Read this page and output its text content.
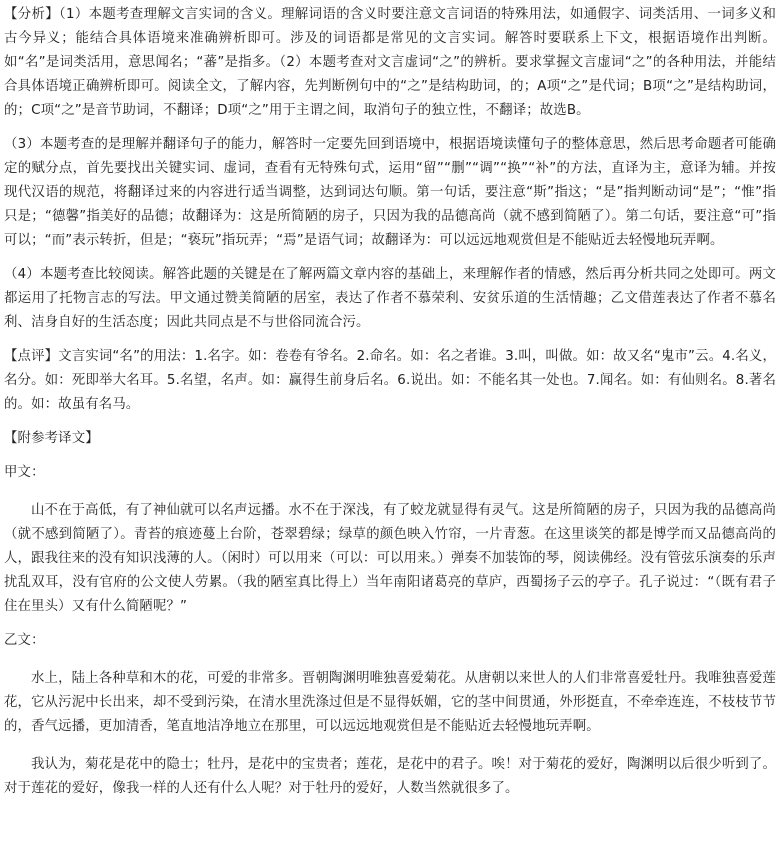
【分析】（1）本题考查理解文言实词的含义。理解词语的含义时要注意文言词语的特殊用法，如通假字、词类活用、一词多义和古今异义；能结合具体语境来准确辨析即可。涉及的词语都是常见的文言实词。解答时要联系上下文，根据语境作出判断。如“名”是词类活用，意思闻名；“蕃”是指多。（2）本题考查对文言虚词“之”的辨析。要求掌握文言虚词“之”的各种用法，并能结合具体语境正确辨析即可。阅读全文，了解内容，先判断例句中的“之”是结构助词，的；A项“之”是代词；B项“之”是结构助词，的；C项“之”是音节助词，不翻译；D项“之”用于主谓之间，取消句子的独立性，不翻译；故选B。

（3）本题考查的是理解并翻译句子的能力，解答时一定要先回到语境中，根据语境读懂句子的整体意思，然后思考命题者可能确定的赋分点，首先要找出关键实词、虚词，查看有无特殊句式，运用“留”“删”“调”“换”“补”的方法，直译为主，意译为辅。并按现代汉语的规范，将翻译过来的内容进行适当调整，达到词达句顺。第一句话，要注意“斯”指这；“是”指判断动词“是”；“惟”指只是；“德馨”指美好的品德；故翻译为：这是所简陋的房子，只因为我的品德高尚（就不感到简陋了）。第二句话，要注意“可”指可以；“而”表示转折，但是；“亵玩”指玩弄；“焉”是语气词；故翻译为：可以远远地观赏但是不能贴近去轻慢地玩弄啊。

（4）本题考查比较阅读。解答此题的关键是在了解两篇文章内容的基础上，来理解作者的情感，然后再分析共同之处即可。两文都运用了托物言志的写法。甲文通过赞美简陋的居室，表达了作者不慕荣利、安贫乐道的生活情趣；乙文借莲表达了作者不慕名利、洁身自好的生活态度；因此共同点是不与世俗同流合污。

【点评】文言实词“名”的用法：1.名字。如：卷卷有爷名。2.命名。如：名之者谁。3.叫，叫做。如：故又名“鬼市”云。4.名义，名分。如：死即举大名耳。5.名望，名声。如：赢得生前身后名。6.说出。如：不能名其一处也。7.闻名。如：有仙则名。8.著名的。如：故虽有名马。

【附参考译文】

甲文：

山不在于高低，有了神仙就可以名声远播。水不在于深浅，有了蛟龙就显得有灵气。这是所简陋的房子，只因为我的品德高尚（就不感到简陋了）。青苔的痕迹蔓上台阶，苍翠碧绿；绿草的颜色映入竹帘，一片青葱。在这里谈笑的都是博学而又品德高尚的人，跟我往来的没有知识浅薄的人。（闲时）可以用来（可以：可以用来。）弹奏不加装饰的琴，阅读佛经。没有管弦乐演奏的乐声扰乱双耳，没有官府的公文使人劳累。（我的陋室真比得上）当年南阳诸葛亮的草庐，西蜀扬子云的亭子。孔子说过：“（既有君子住在里头）又有什么简陋呢？”

乙文：

水上，陆上各种草和木的花，可爱的非常多。晋朝陶渊明唯独喜爱菊花。从唐朝以来世人的人们非常喜爱牡丹。我唯独喜爱莲花，它从污泥中长出来，却不受到污染，在清水里洗涤过但是不显得妖媚，它的茎中间贯通，外形挺直，不牵牵连连，不枝枝节节的，香气远播，更加清香，笔直地洁净地立在那里，可以远远地观赏但是不能贴近去轻慢地玩弄啊。

我认为，菊花是花中的隐士；牡丹，是花中的宝贵者；莲花，是花中的君子。唉！对于菊花的爱好，陶渊明以后很少听到了。对于莲花的爱好，像我一样的人还有什么人呢？对于牡丹的爱好，人数当然就很多了。
